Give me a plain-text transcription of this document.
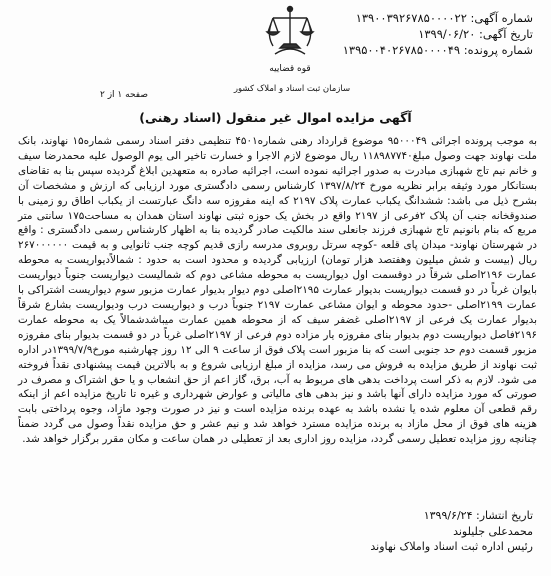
شماره آگهی: ۱۳۹۰۰۳۹۲۶۷۸۵۰۰۰۰۲۲
تاریخ آگهی: ۱۳۹۹/۰۶/۲۰
شماره پرونده: ۱۳۹۵۰۰۴۰۲۶۷۸۵۰۰۰۰۴۹
قوه قضاییه
سازمان ثبت اسناد و املاک کشور
صفحه ۱ از ۲
آگهی مزایده اموال غیر منقول (اسناد رهنی)
به موجب پرونده اجرائی ۹۵۰۰۰۴۹ موضوع قرارداد رهنی شماره۴۵۰۱ تنظیمی دفتر اسناد رسمی شماره۱۵ نهاوند، بانک ملت نهاوند جهت وصول مبلغ۱۱۸۹۸۷۷۴۰ ریال موضوع لازم الاجرا و خسارت تاخیر الی یوم الوصول علیه محمدرضا سیف و خانم نیم تاج شهبازی مبادرت به صدور اجرائیه نموده است، اجرائیه صادره به متعهدین ابلاغ گردیده سپس بنا به تقاضای بستانکار مورد وثیقه برابر نظریه مورخ ۱۳۹۷/۸/۲۴ کارشناس رسمی دادگستری مورد ارزیابی که ارزش و مشخصات آن بشرح ذیل می باشد: ششدانگ یکباب عمارت پلاک ۲۱۹۷ که اینه مفروزه سه دانگ عبارتست از یکباب اطاق رو زمینی با صندوقخانه جنب آن پلاک ۲فرعی از ۲۱۹۷ واقع در بخش یک حوزه ثبتی نهاوند استان همدان به مساحت۱۷۵ سانتی متر مربع که بنام بانونیم تاج شهبازی فرزند جانعلی سند مالکیت صادر گردیده بنا به اظهار کارشناس رسمی دادگستری : واقع در شهرستان نهاوند- میدان پای قلعه -کوچه سرتل روبروی مدرسه رازی قدیم کوچه جنب ثانوایی و به قیمت ۲۶۷۰۰۰۰۰۰ ریال (بیست و شش میلیون وهفتصد هزار تومان) ارزیابی گردیده و محدود است به حدود : شمالاًدیواریست به محوطه عمارت ۲۱۹۶اصلی شرقاً در دوقسمت اول دیواریست به محوطه مشاعی دوم که شمالیست دیواریست جنوباً دیواریست بایوان غرباً در دو قسمت دیواریست بدیوار عمارت ۲۱۹۵اصلی دوم دیوار بدیوار عمارت مزبور سوم دیواریست اشتراکی با عمارت ۲۱۹۹اصلی -حدود محوطه و ایوان مشاعی عمارت ۲۱۹۷ جنوباً درب و دیواریست درب ودیواریست بشارع شرقاً بدیوار عمارت یک فرعی از ۲۱۹۷اصلی غضفر سیف که از محوطه همین عمارت میباشدشمالاً یک به محوطه عمارت ۲۱۹۶فاصل دیواریست دوم بدیوار بنای مفروزه یار مزاده دوم فرعی از ۲۱۹۷اصلی غرباً در دو قسمت بدیوار بنای مفروزه مزبور قسمت دوم حد جنوبی است که بنا مزبور است پلاک فوق از ساعت ۹ الی ۱۲ روز چهارشنبه مورخ۱۳۹۹/۷/۹در اداره ثبت نهاوند از طریق مزایده به فروش می رسد، مزایده از مبلغ ارزیابی شروع و به بالاترین قیمت پیشنهادی نقداً فروخته می شود. لازم به ذکر است پرداخت بدهی های مربوط به آب، برق، گاز اعم از حق انشعاب و یا حق اشتراک و مصرف در صورتی که مورد مزایده دارای آنها باشد و نیز بدهی های مالیاتی و عوارض شهرداری و غیره تا تاریخ مزایده اعم از اینکه رقم قطعی آن معلوم شده یا نشده باشد به عهده برنده مزایده است و نیز در صورت وجود مازاد، وجوه پرداختی بابت هزینه های فوق از محل مازاد به برنده مزایده مسترد خواهد شد و نیم عشر و حق مزایده نقداً وصول می گردد ضمناً چنانچه روز مزایده تعطیل رسمی گردد، مزایده روز اداری بعد از تعطیلی در همان ساعت و مکان مقرر برگزار خواهد شد.
تاریخ انتشار: ۱۳۹۹/۶/۲۴
محمدعلی جلیلوند
رئیس اداره ثبت اسناد واملاک نهاوند
